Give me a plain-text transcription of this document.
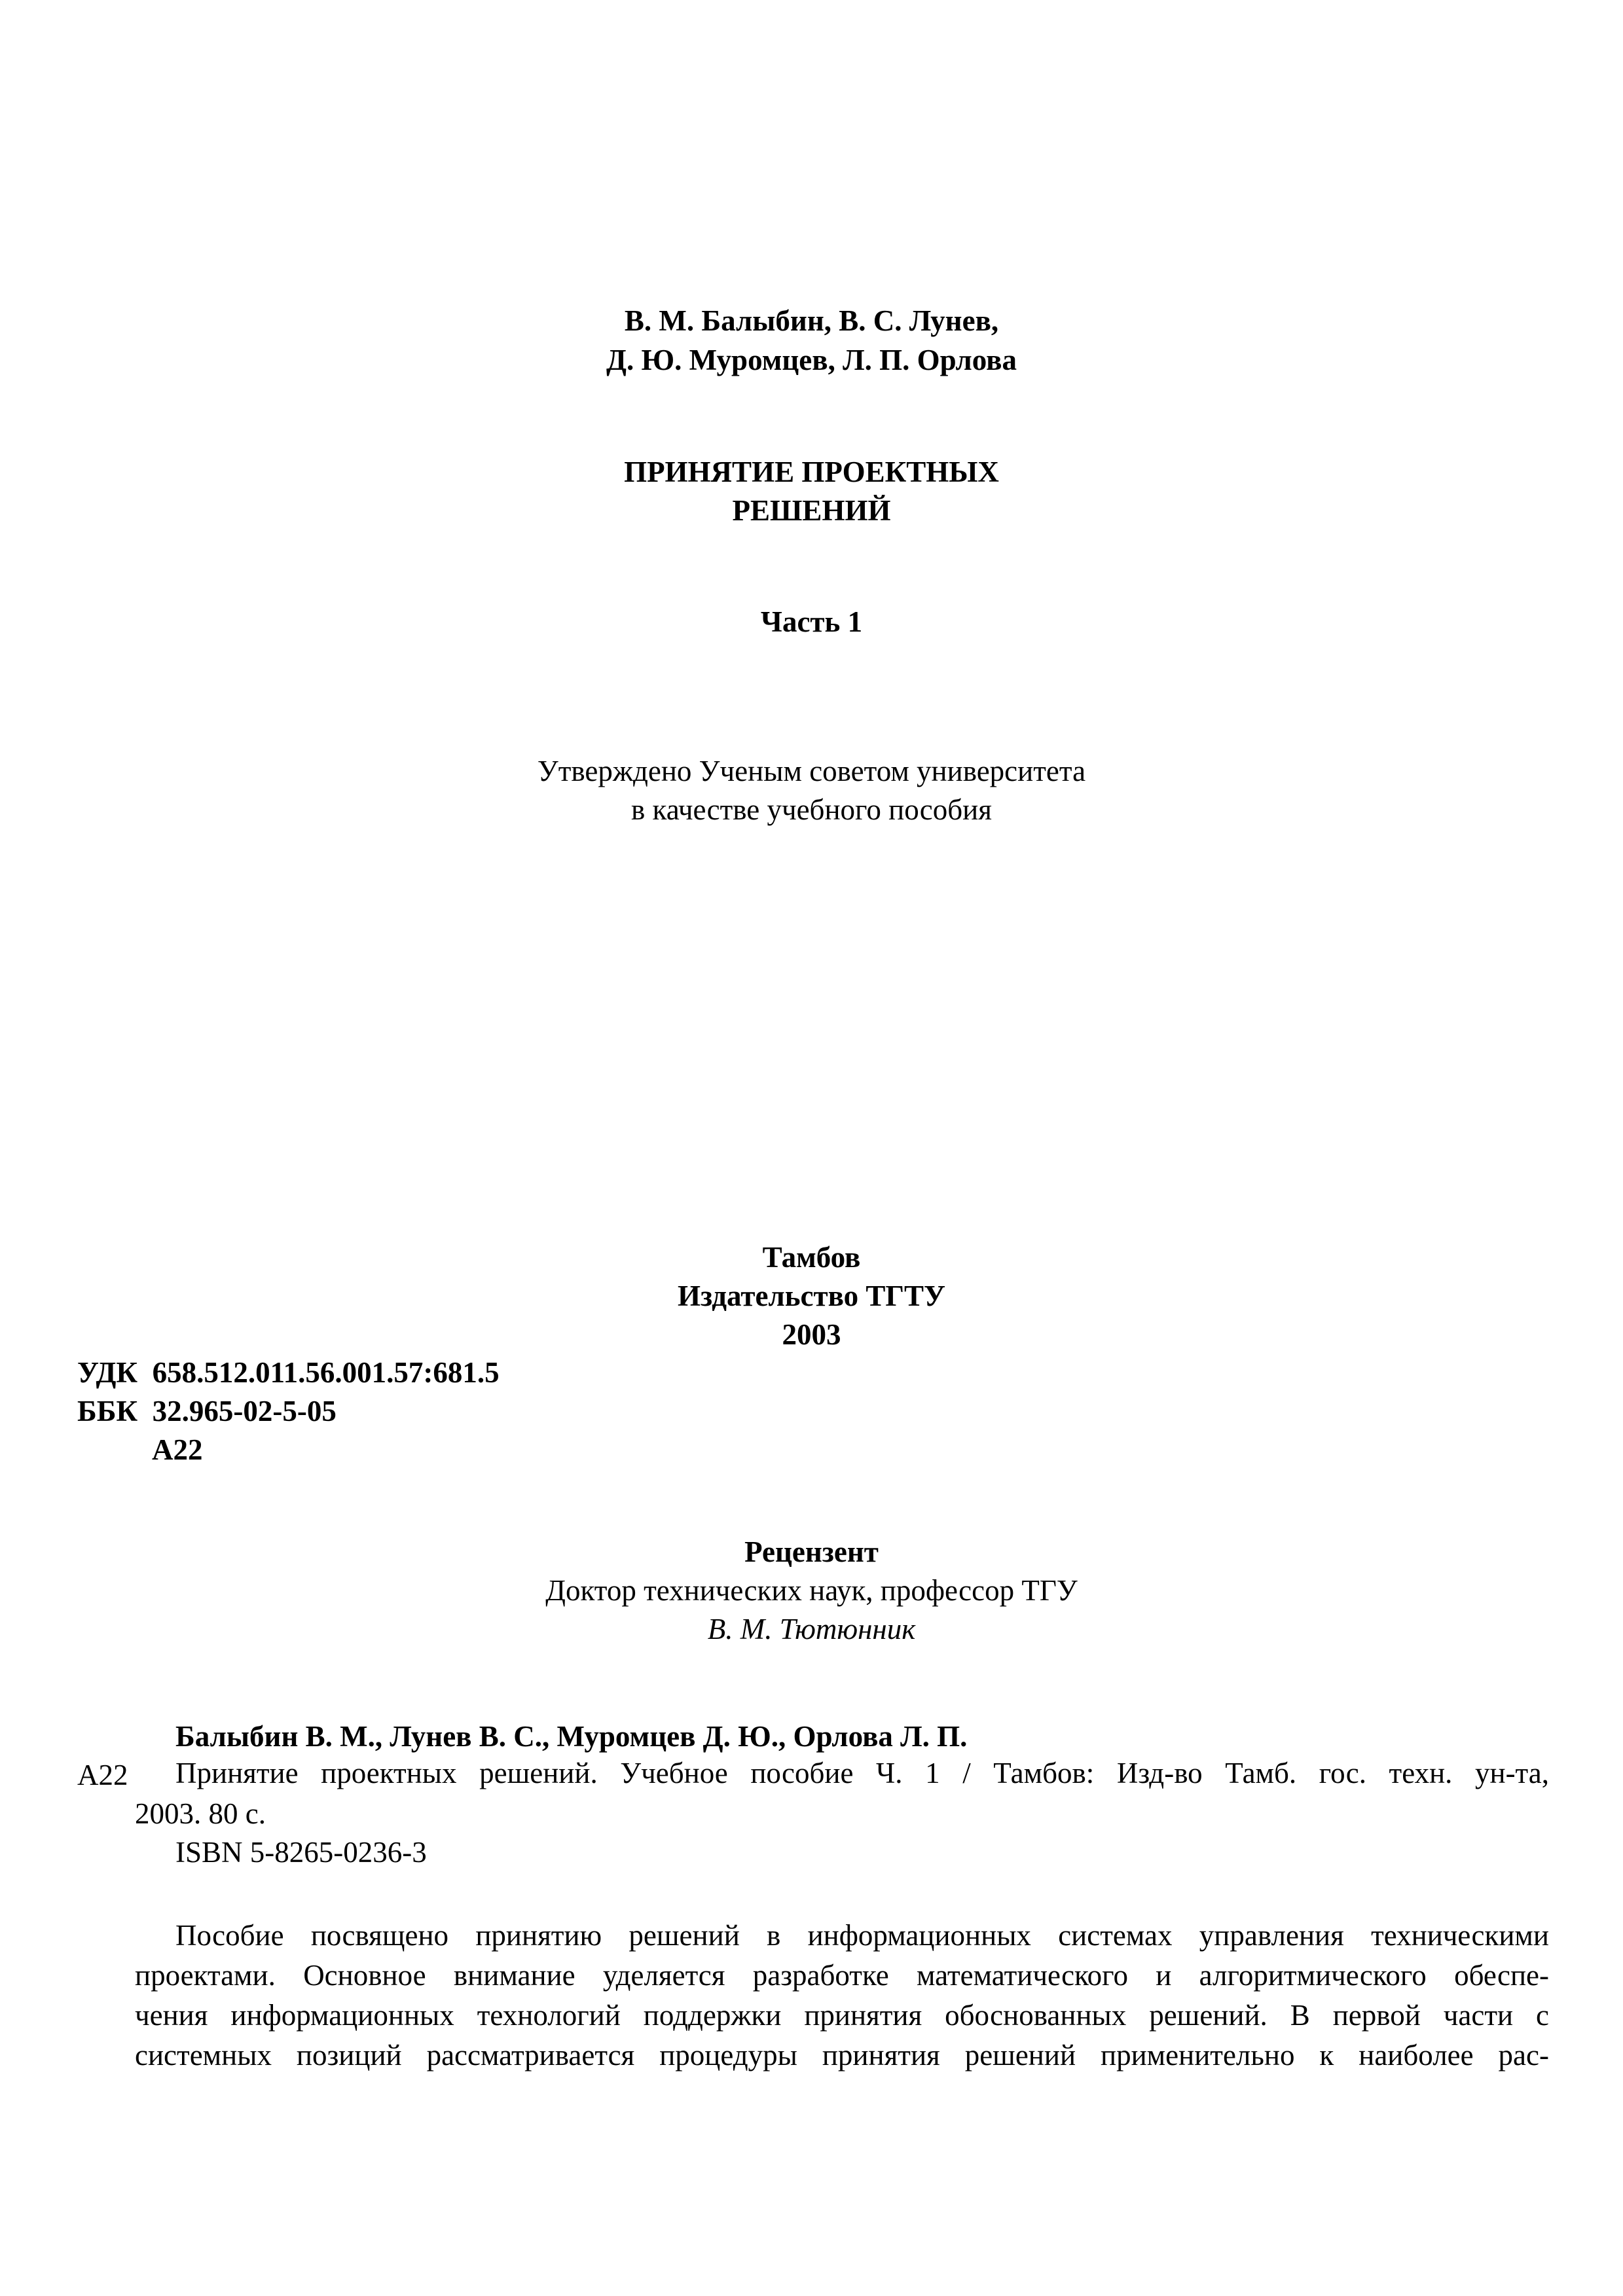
В. М. Балыбин, В. С. Лунев,
Д. Ю. Муромцев, Л. П. Орлова
ПРИНЯТИЕ ПРОЕКТНЫХ
РЕШЕНИЙ
Часть 1
Утверждено Ученым советом университета
в качестве учебного пособия
Тамбов
Издательство ТГТУ
2003
УДК  658.512.011.56.001.57:681.5
ББК  32.965-02-5-05
А22
Рецензент
Доктор технических наук, профессор ТГУ
В. М. Тютюнник
Балыбин В. М., Лунев В. С., Муромцев Д. Ю., Орлова Л. П.
А22 Принятие проектных решений. Учебное пособие Ч. 1 / Тамбов: Изд-во Тамб. гос. техн. ун-та,
2003. 80 с.
ISBN 5-8265-0236-3
Пособие посвящено принятию решений в информационных системах управления техническими
проектами. Основное внимание уделяется разработке математического и алгоритмического обеспе-
чения информационных технологий поддержки принятия обоснованных решений. В первой части с
системных позиций рассматривается процедуры принятия решений применительно к наиболее рас-
